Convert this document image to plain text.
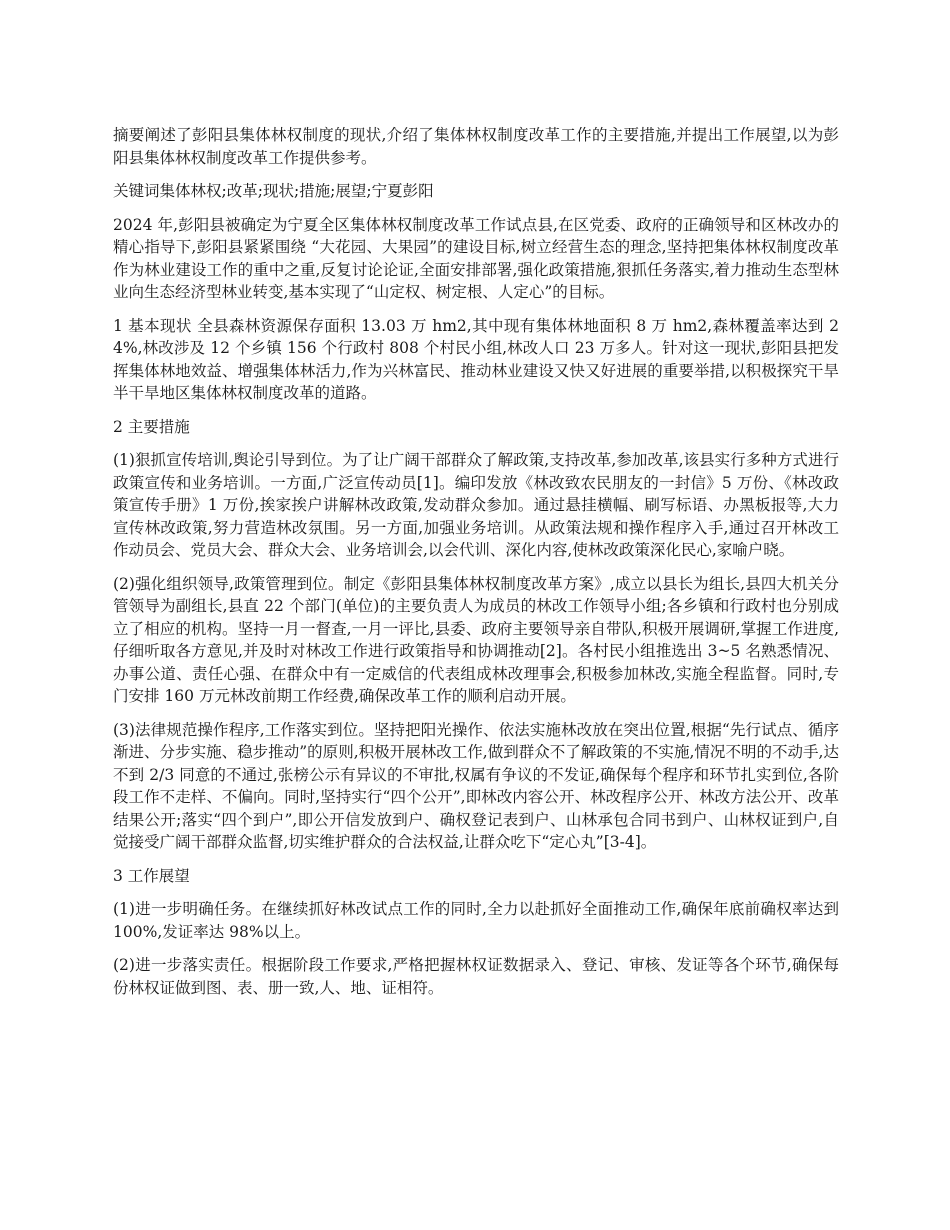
摘要阐述了彭阳县集体林权制度的现状,介绍了集体林权制度改革工作的主要措施,并提出工作展望,以为彭阳县集体林权制度改革工作提供参考。

关键词集体林权;改革;现状;措施;展望;宁夏彭阳

2024 年,彭阳县被确定为宁夏全区集体林权制度改革工作试点县,在区党委、政府的正确领导和区林改办的精心指导下,彭阳县紧紧围绕 “大花园、大果园”的建设目标,树立经营生态的理念,坚持把集体林权制度改革作为林业建设工作的重中之重,反复讨论论证,全面安排部署,强化政策措施,狠抓任务落实,着力推动生态型林业向生态经济型林业转变,基本实现了“山定权、树定根、人定心”的目标。

1 基本现状 全县森林资源保存面积 13.03 万 hm2,其中现有集体林地面积 8 万 hm2,森林覆盖率达到 24%,林改涉及 12 个乡镇 156 个行政村 808 个村民小组,林改人口 23 万多人。针对这一现状,彭阳县把发挥集体林地效益、增强集体林活力,作为兴林富民、推动林业建设又快又好进展的重要举措,以积极探究干旱半干旱地区集体林权制度改革的道路。

2 主要措施

(1)狠抓宣传培训,舆论引导到位。为了让广阔干部群众了解政策,支持改革,参加改革,该县实行多种方式进行政策宣传和业务培训。一方面,广泛宣传动员[1]。编印发放《林改致农民朋友的一封信》5 万份、《林改政策宣传手册》1 万份,挨家挨户讲解林改政策,发动群众参加。通过悬挂横幅、刷写标语、办黑板报等,大力宣传林改政策,努力营造林改氛围。另一方面,加强业务培训。从政策法规和操作程序入手,通过召开林改工作动员会、党员大会、群众大会、业务培训会,以会代训、深化内容,使林改政策深化民心,家喻户晓。

(2)强化组织领导,政策管理到位。制定《彭阳县集体林权制度改革方案》,成立以县长为组长,县四大机关分管领导为副组长,县直 22 个部门(单位)的主要负责人为成员的林改工作领导小组;各乡镇和行政村也分别成立了相应的机构。坚持一月一督查,一月一评比,县委、政府主要领导亲自带队,积极开展调研,掌握工作进度,仔细听取各方意见,并及时对林改工作进行政策指导和协调推动[2]。各村民小组推选出 3~5 名熟悉情况、办事公道、责任心强、在群众中有一定威信的代表组成林改理事会,积极参加林改,实施全程监督。同时,专门安排 160 万元林改前期工作经费,确保改革工作的顺利启动开展。

(3)法律规范操作程序,工作落实到位。坚持把阳光操作、依法实施林改放在突出位置,根据“先行试点、循序渐进、分步实施、稳步推动”的原则,积极开展林改工作,做到群众不了解政策的不实施,情况不明的不动手,达不到 2/3 同意的不通过,张榜公示有异议的不审批,权属有争议的不发证,确保每个程序和环节扎实到位,各阶段工作不走样、不偏向。同时,坚持实行“四个公开”,即林改内容公开、林改程序公开、林改方法公开、改革结果公开;落实“四个到户”,即公开信发放到户、确权登记表到户、山林承包合同书到户、山林权证到户,自觉接受广阔干部群众监督,切实维护群众的合法权益,让群众吃下“定心丸”[3-4]。

3 工作展望

(1)进一步明确任务。在继续抓好林改试点工作的同时,全力以赴抓好全面推动工作,确保年底前确权率达到 100%,发证率达 98%以上。

(2)进一步落实责任。根据阶段工作要求,严格把握林权证数据录入、登记、审核、发证等各个环节,确保每份林权证做到图、表、册一致,人、地、证相符。
